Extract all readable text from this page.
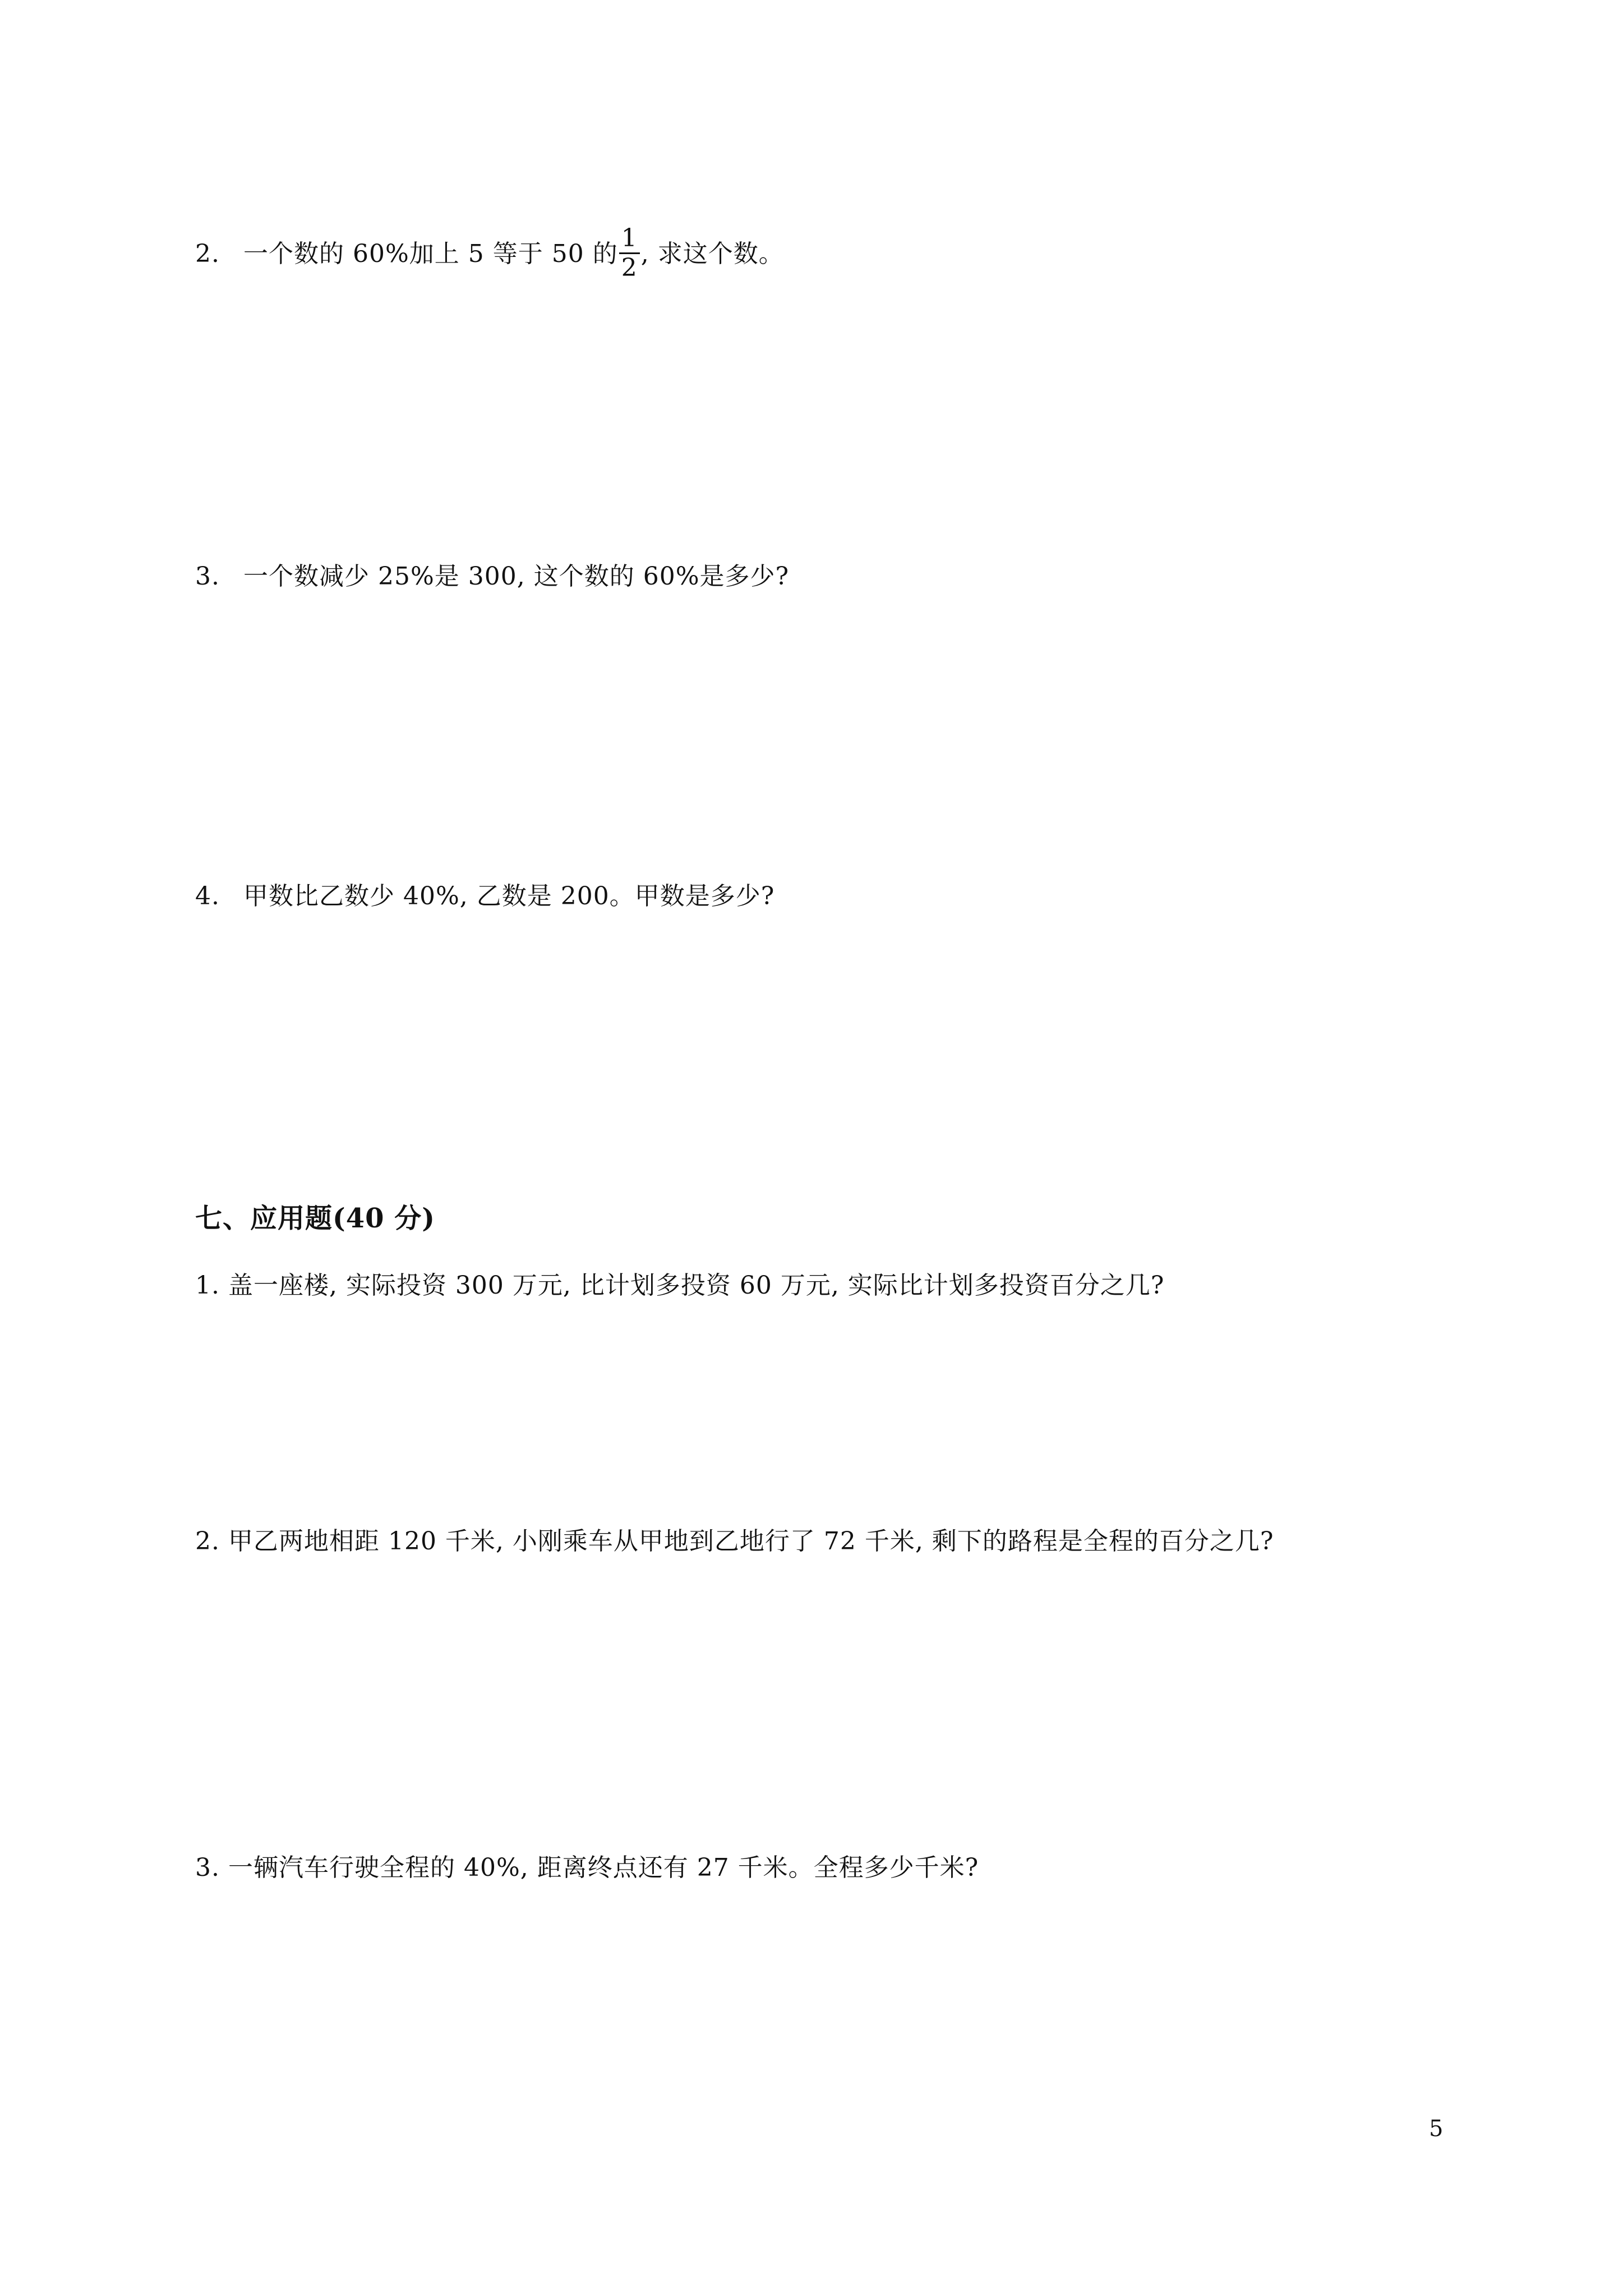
2. 一个数的 60%加上 5 等于 50 的 $\frac{1}{2}$ , 求这个数。
3. 一个数减少 25%是 300, 这个数的 60%是多少?
4. 甲数比乙数少 40%, 乙数是 200。甲数是多少?
七、应用题(40 分)
1. 盖一座楼, 实际投资 300 万元, 比计划多投资 60 万元, 实际比计划多投资百分之几?
2. 甲乙两地相距 120 千米, 小刚乘车从甲地到乙地行了 72 千米, 剩下的路程是全程的百分之几?
3. 一辆汽车行驶全程的 40%, 距离终点还有 27 千米。全程多少千米?
5
